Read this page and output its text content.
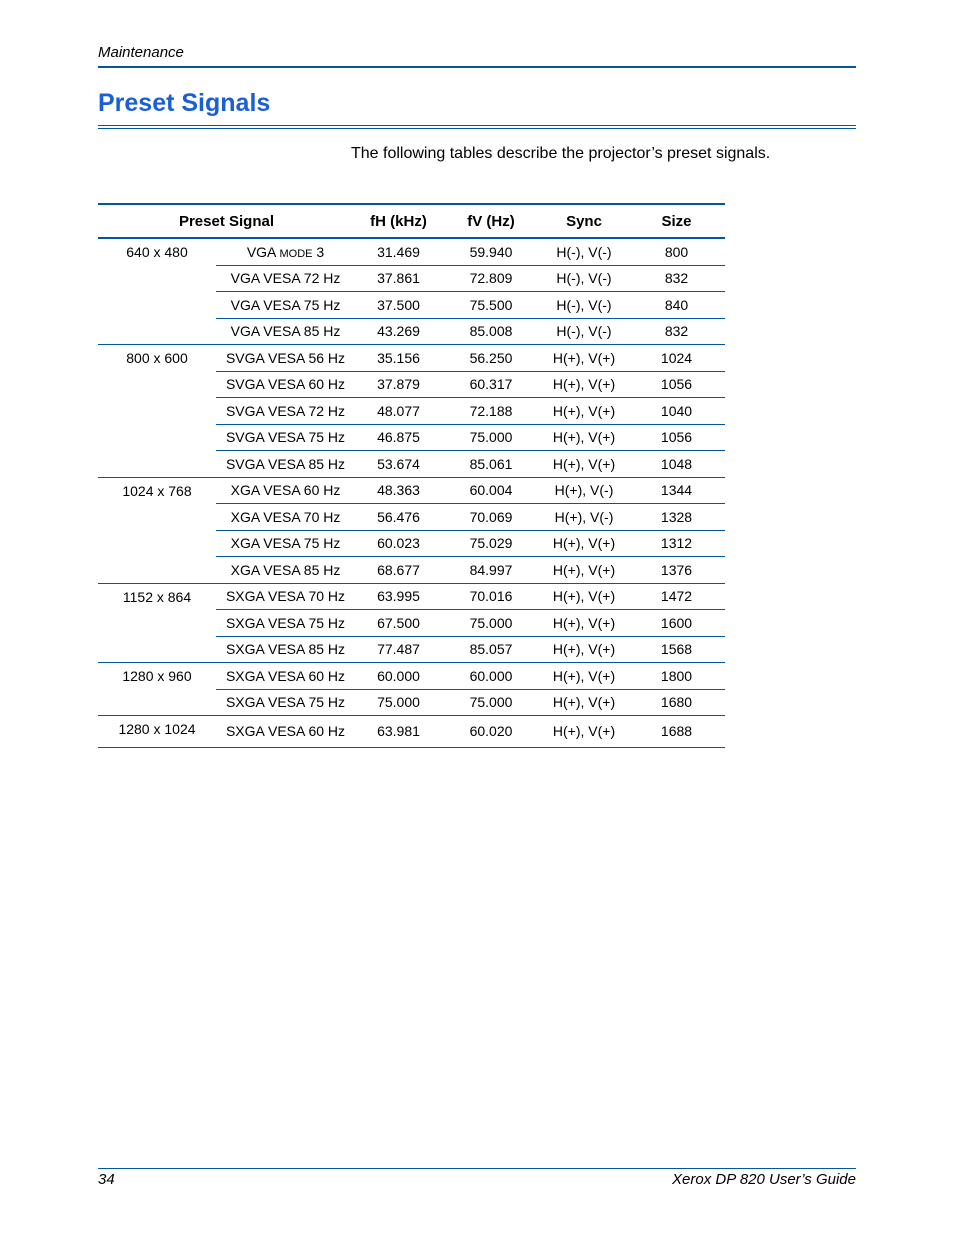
Maintenance
Preset Signals

The following tables describe the projector’s preset signals.

Preset Signal		fH (kHz)	fV (Hz)	Sync	Size
640 x 480	VGA MODE 3	31.469	59.940	H(-), V(-)	800
	VGA VESA 72 Hz	37.861	72.809	H(-), V(-)	832
	VGA VESA 75 Hz	37.500	75.500	H(-), V(-)	840
	VGA VESA 85 Hz	43.269	85.008	H(-), V(-)	832
800 x 600	SVGA VESA 56 Hz	35.156	56.250	H(+), V(+)	1024
	SVGA VESA 60 Hz	37.879	60.317	H(+), V(+)	1056
	SVGA VESA 72 Hz	48.077	72.188	H(+), V(+)	1040
	SVGA VESA 75 Hz	46.875	75.000	H(+), V(+)	1056
	SVGA VESA 85 Hz	53.674	85.061	H(+), V(+)	1048
1024 x 768	XGA VESA 60 Hz	48.363	60.004	H(+), V(-)	1344
	XGA VESA 70 Hz	56.476	70.069	H(+), V(-)	1328
	XGA VESA 75 Hz	60.023	75.029	H(+), V(+)	1312
	XGA VESA 85 Hz	68.677	84.997	H(+), V(+)	1376
1152 x 864	SXGA VESA 70 Hz	63.995	70.016	H(+), V(+)	1472
	SXGA VESA 75 Hz	67.500	75.000	H(+), V(+)	1600
	SXGA VESA 85 Hz	77.487	85.057	H(+), V(+)	1568
1280 x 960	SXGA VESA 60 Hz	60.000	60.000	H(+), V(+)	1800
	SXGA VESA 75 Hz	75.000	75.000	H(+), V(+)	1680
1280 x 1024	SXGA VESA 60 Hz	63.981	60.020	H(+), V(+)	1688
34	Xerox DP 820 User’s Guide
